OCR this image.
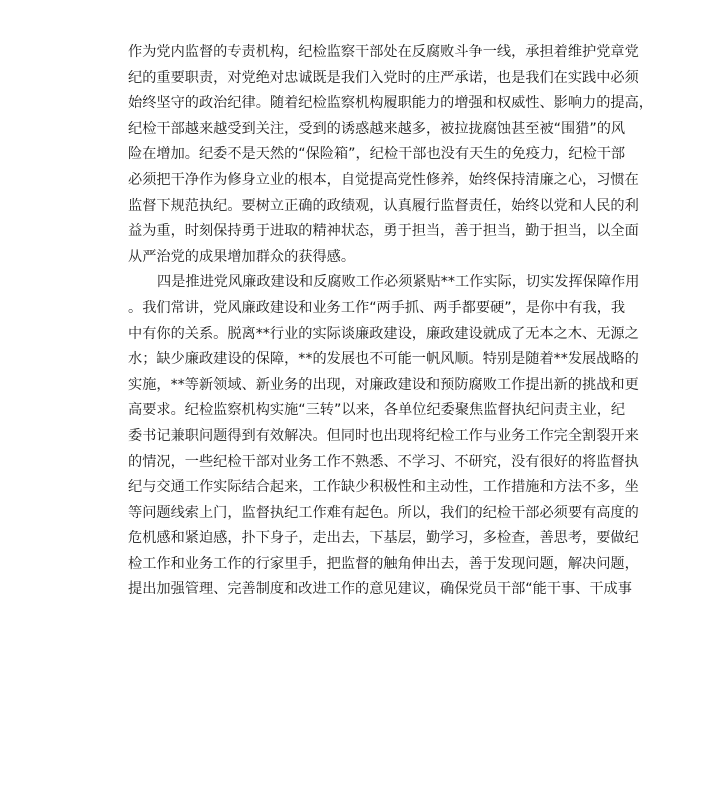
作为党内监督的专责机构，纪检监察干部处在反腐败斗争一线，承担着维护党章党
纪的重要职责，对党绝对忠诚既是我们入党时的庄严承诺，也是我们在实践中必须
始终坚守的政治纪律。随着纪检监察机构履职能力的增强和权威性、影响力的提高，
纪检干部越来越受到关注，受到的诱惑越来越多，被拉拢腐蚀甚至被“围猎”的风
险在增加。纪委不是天然的“保险箱”，纪检干部也没有天生的免疫力，纪检干部
必须把干净作为修身立业的根本，自觉提高党性修养，始终保持清廉之心，习惯在
监督下规范执纪。要树立正确的政绩观，认真履行监督责任，始终以党和人民的利
益为重，时刻保持勇于进取的精神状态，勇于担当，善于担当，勤于担当，以全面
从严治党的成果增加群众的获得感。
四是推进党风廉政建设和反腐败工作必须紧贴**工作实际，切实发挥保障作用
。我们常讲，党风廉政建设和业务工作“两手抓、两手都要硬”，是你中有我，我
中有你的关系。脱离**行业的实际谈廉政建设，廉政建设就成了无本之木、无源之
水；缺少廉政建设的保障，**的发展也不可能一帆风顺。特别是随着**发展战略的
实施，**等新领域、新业务的出现，对廉政建设和预防腐败工作提出新的挑战和更
高要求。纪检监察机构实施“三转”以来，各单位纪委聚焦监督执纪问责主业，纪
委书记兼职问题得到有效解决。但同时也出现将纪检工作与业务工作完全割裂开来
的情况，一些纪检干部对业务工作不熟悉、不学习、不研究，没有很好的将监督执
纪与交通工作实际结合起来，工作缺少积极性和主动性，工作措施和方法不多，坐
等问题线索上门，监督执纪工作难有起色。所以，我们的纪检干部必须要有高度的
危机感和紧迫感，扑下身子，走出去，下基层，勤学习，多检查，善思考，要做纪
检工作和业务工作的行家里手，把监督的触角伸出去，善于发现问题，解决问题，
提出加强管理、完善制度和改进工作的意见建议，确保党员干部“能干事、干成事
